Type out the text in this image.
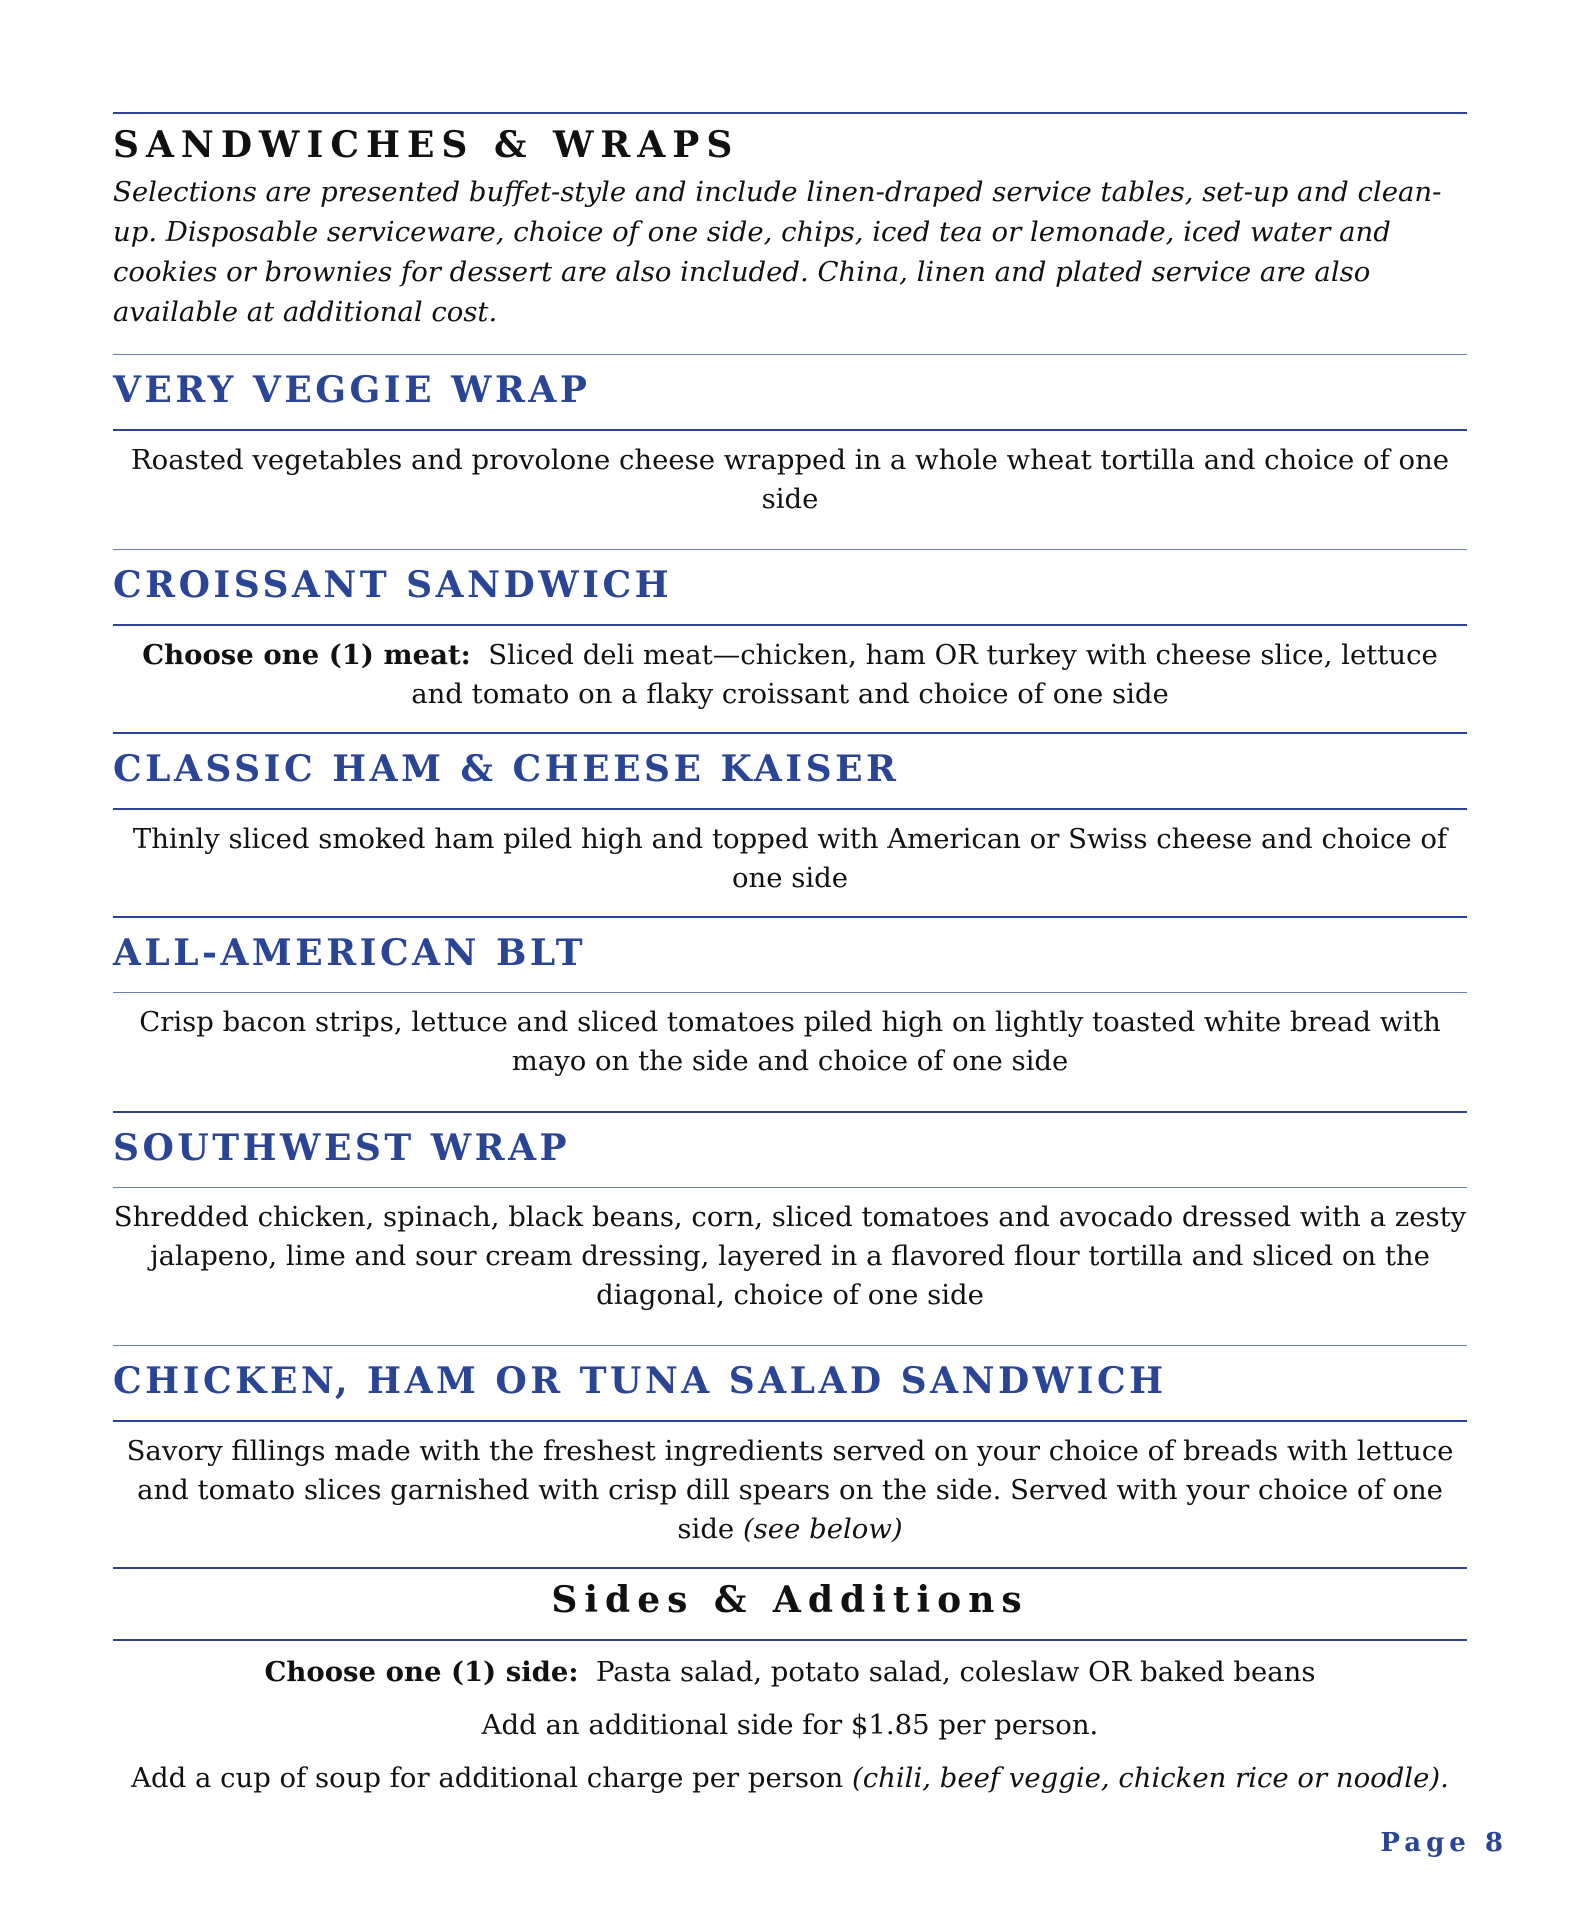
SANDWICHES & WRAPS

Selections are presented buffet-style and include linen-draped service tables, set-up and clean-up. Disposable serviceware, choice of one side, chips, iced tea or lemonade, iced water and cookies or brownies for dessert are also included. China, linen and plated service are also available at additional cost.

VERY VEGGIE WRAP

Roasted vegetables and provolone cheese wrapped in a whole wheat tortilla and choice of one side

CROISSANT SANDWICH

Choose one (1) meat: Sliced deli meat—chicken, ham OR turkey with cheese slice, lettuce and tomato on a flaky croissant and choice of one side

CLASSIC HAM & CHEESE KAISER

Thinly sliced smoked ham piled high and topped with American or Swiss cheese and choice of one side

ALL-AMERICAN BLT

Crisp bacon strips, lettuce and sliced tomatoes piled high on lightly toasted white bread with mayo on the side and choice of one side

SOUTHWEST WRAP

Shredded chicken, spinach, black beans, corn, sliced tomatoes and avocado dressed with a zesty jalapeno, lime and sour cream dressing, layered in a flavored flour tortilla and sliced on the diagonal, choice of one side

CHICKEN, HAM OR TUNA SALAD SANDWICH

Savory fillings made with the freshest ingredients served on your choice of breads with lettuce and tomato slices garnished with crisp dill spears on the side. Served with your choice of one side (see below)

Sides & Additions

Choose one (1) side: Pasta salad, potato salad, coleslaw OR baked beans

Add an additional side for $1.85 per person.

Add a cup of soup for additional charge per person (chili, beef veggie, chicken rice or noodle).

Page 8
